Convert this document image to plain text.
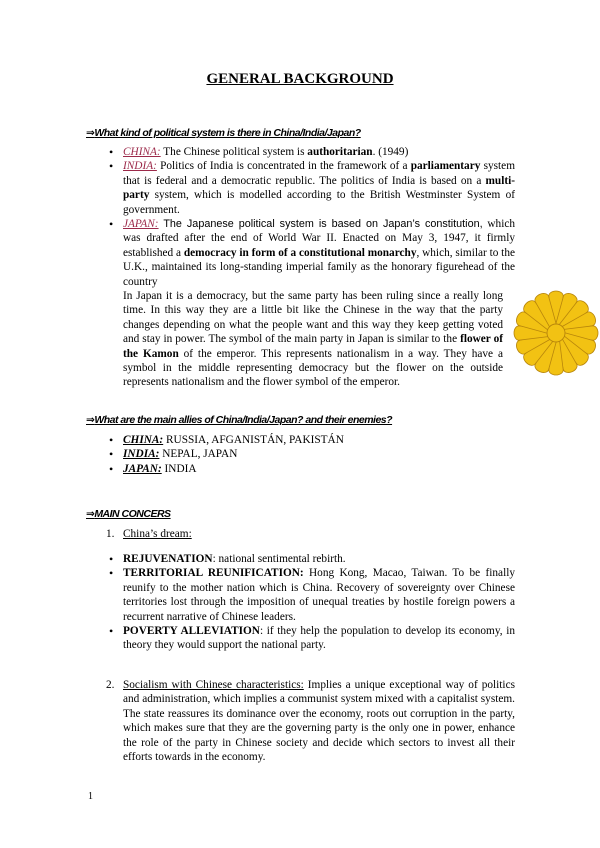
GENERAL BACKGROUND
⇒What kind of political system is there in China/India/Japan?
• CHINA: The Chinese political system is authoritarian. (1949)
• INDIA: Politics of India is concentrated in the framework of a parliamentary system that is federal and a democratic republic. The politics of India is based on a multi-party system, which is modelled according to the British Westminster System of government.
• JAPAN: The Japanese political system is based on Japan’s constitution, which was drafted after the end of World War II. Enacted on May 3, 1947, it firmly established a democracy in form of a constitutional monarchy, which, similar to the U.K., maintained its long-standing imperial family as the honorary figurehead of the country
In Japan it is a democracy, but the same party has been ruling since a really long time. In this way they are a little bit like the Chinese in the way that the party changes depending on what the people want and this way they keep getting voted and stay in power. The symbol of the main party in Japan is similar to the flower of the Kamon of the emperor. This represents nationalism in a way. They have a symbol in the middle representing democracy but the flower on the outside represents nationalism and the flower symbol of the emperor.
⇒What are the main allies of China/India/Japan? and their enemies?
• CHINA: RUSSIA, AFGANISTÁN, PAKISTÁN
• INDIA: NEPAL, JAPAN
• JAPAN: INDIA
⇒MAIN CONCERS
1. China’s dream:
• REJUVENATION: national sentimental rebirth.
• TERRITORIAL REUNIFICATION: Hong Kong, Macao, Taiwan. To be finally reunify to the mother nation which is China. Recovery of sovereignty over Chinese territories lost through the imposition of unequal treaties by hostile foreign powers a recurrent narrative of Chinese leaders.
• POVERTY ALLEVIATION: if they help the population to develop its economy, in theory they would support the national party.
2. Socialism with Chinese characteristics: Implies a unique exceptional way of politics and administration, which implies a communist system mixed with a capitalist system. The state reassures its dominance over the economy, roots out corruption in the party, which makes sure that they are the governing party is the only one in power, enhance the role of the party in Chinese society and decide which sectors to invest all their efforts towards in the economy.
1
